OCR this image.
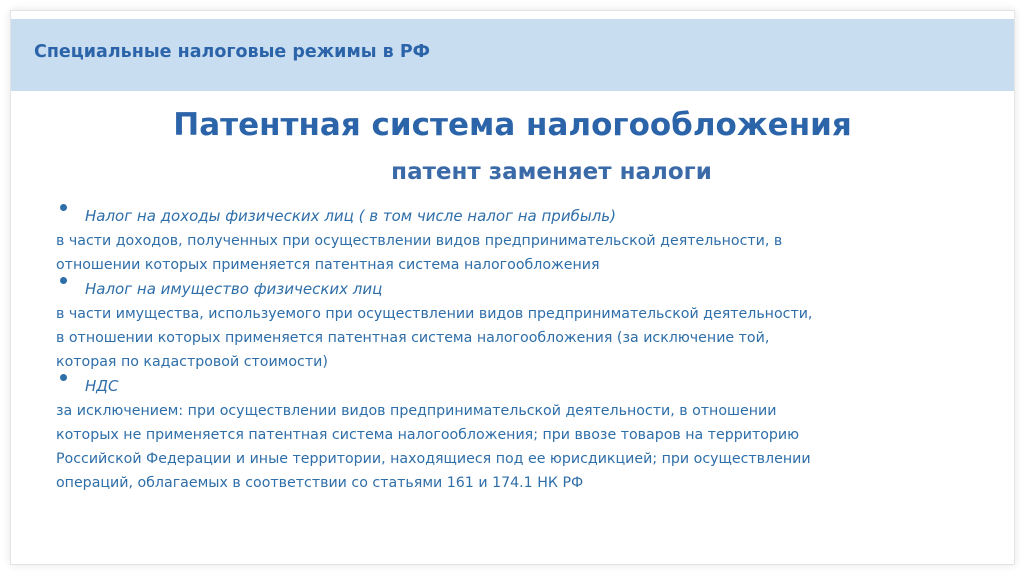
Специальные налоговые режимы в РФ
Патентная система налогообложения
патент заменяет налоги
Налог на доходы физических лиц ( в том числе налог на прибыль)
в части доходов, полученных при осуществлении видов предпринимательской деятельности, в
отношении которых применяется патентная система налогообложения
Налог на имущество физических лиц
в части имущества, используемого при осуществлении видов предпринимательской деятельности,
в отношении которых применяется патентная система налогообложения (за исключение той,
которая по кадастровой стоимости)
НДС
за исключением: при осуществлении видов предпринимательской деятельности, в отношении
которых не применяется патентная система налогообложения; при ввозе товаров на территорию
Российской Федерации и иные территории, находящиеся под ее юрисдикцией; при осуществлении
операций, облагаемых в соответствии со статьями 161 и 174.1 НК РФ
